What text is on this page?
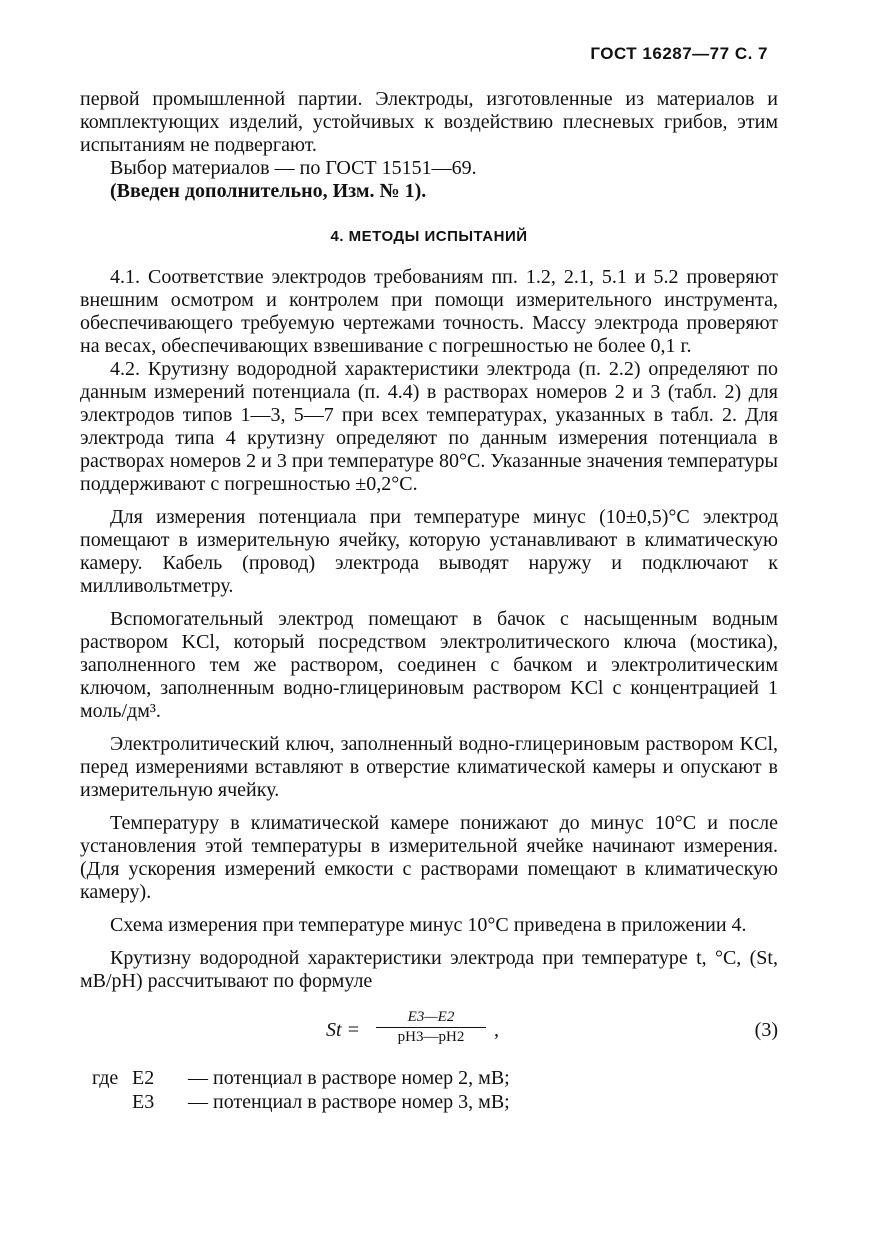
ГОСТ 16287—77 С. 7

первой промышленной партии. Электроды, изготовленные из материалов и комплектующих изделий, устойчивых к воздействию плесневых грибов, этим испытаниям не подвергают.

Выбор материалов — по ГОСТ 15151—69.

(Введен дополнительно, Изм. № 1).

4. МЕТОДЫ ИСПЫТАНИЙ

4.1. Соответствие электродов требованиям пп. 1.2, 2.1, 5.1 и 5.2 проверяют внешним осмотром и контролем при помощи измерительного инструмента, обеспечивающего требуемую чертежами точность. Массу электрода проверяют на весах, обеспечивающих взвешивание с погрешностью не более 0,1 г.

4.2. Крутизну водородной характеристики электрода (п. 2.2) определяют по данным измерений потенциала (п. 4.4) в растворах номеров 2 и 3 (табл. 2) для электродов типов 1—3, 5—7 при всех температурах, указанных в табл. 2. Для электрода типа 4 крутизну определяют по данным измерения потенциала в растворах номеров 2 и 3 при температуре 80°С. Указанные значения температуры поддерживают с погрешностью ±0,2°С.

Для измерения потенциала при температуре минус (10±0,5)°С электрод помещают в измерительную ячейку, которую устанавливают в климатическую камеру. Кабель (провод) электрода выводят наружу и подключают к милливольтметру.

Вспомогательный электрод помещают в бачок с насыщенным водным раствором KCl, который посредством электролитического ключа (мостика), заполненного тем же раствором, соединен с бачком и электролитическим ключом, заполненным водно-глицериновым раствором KCl с концентрацией 1 моль/дм³.

Электролитический ключ, заполненный водно-глицериновым раствором KCl, перед измерениями вставляют в отверстие климатической камеры и опускают в измерительную ячейку.

Температуру в климатической камере понижают до минус 10°С и после установления этой температуры в измерительной ячейке начинают измерения. (Для ускорения измерений емкости с растворами помещают в климатическую камеру).

Схема измерения при температуре минус 10°С приведена в приложении 4.

Крутизну водородной характеристики электрода при температуре t, °С, (St, мВ/pH) рассчитывают по формуле

$St = \frac{E3—E2}{pH3—pH2}$ ,	(3)
где E2 — потенциал в растворе номер 2, мВ;
E3 — потенциал в растворе номер 3, мВ;
